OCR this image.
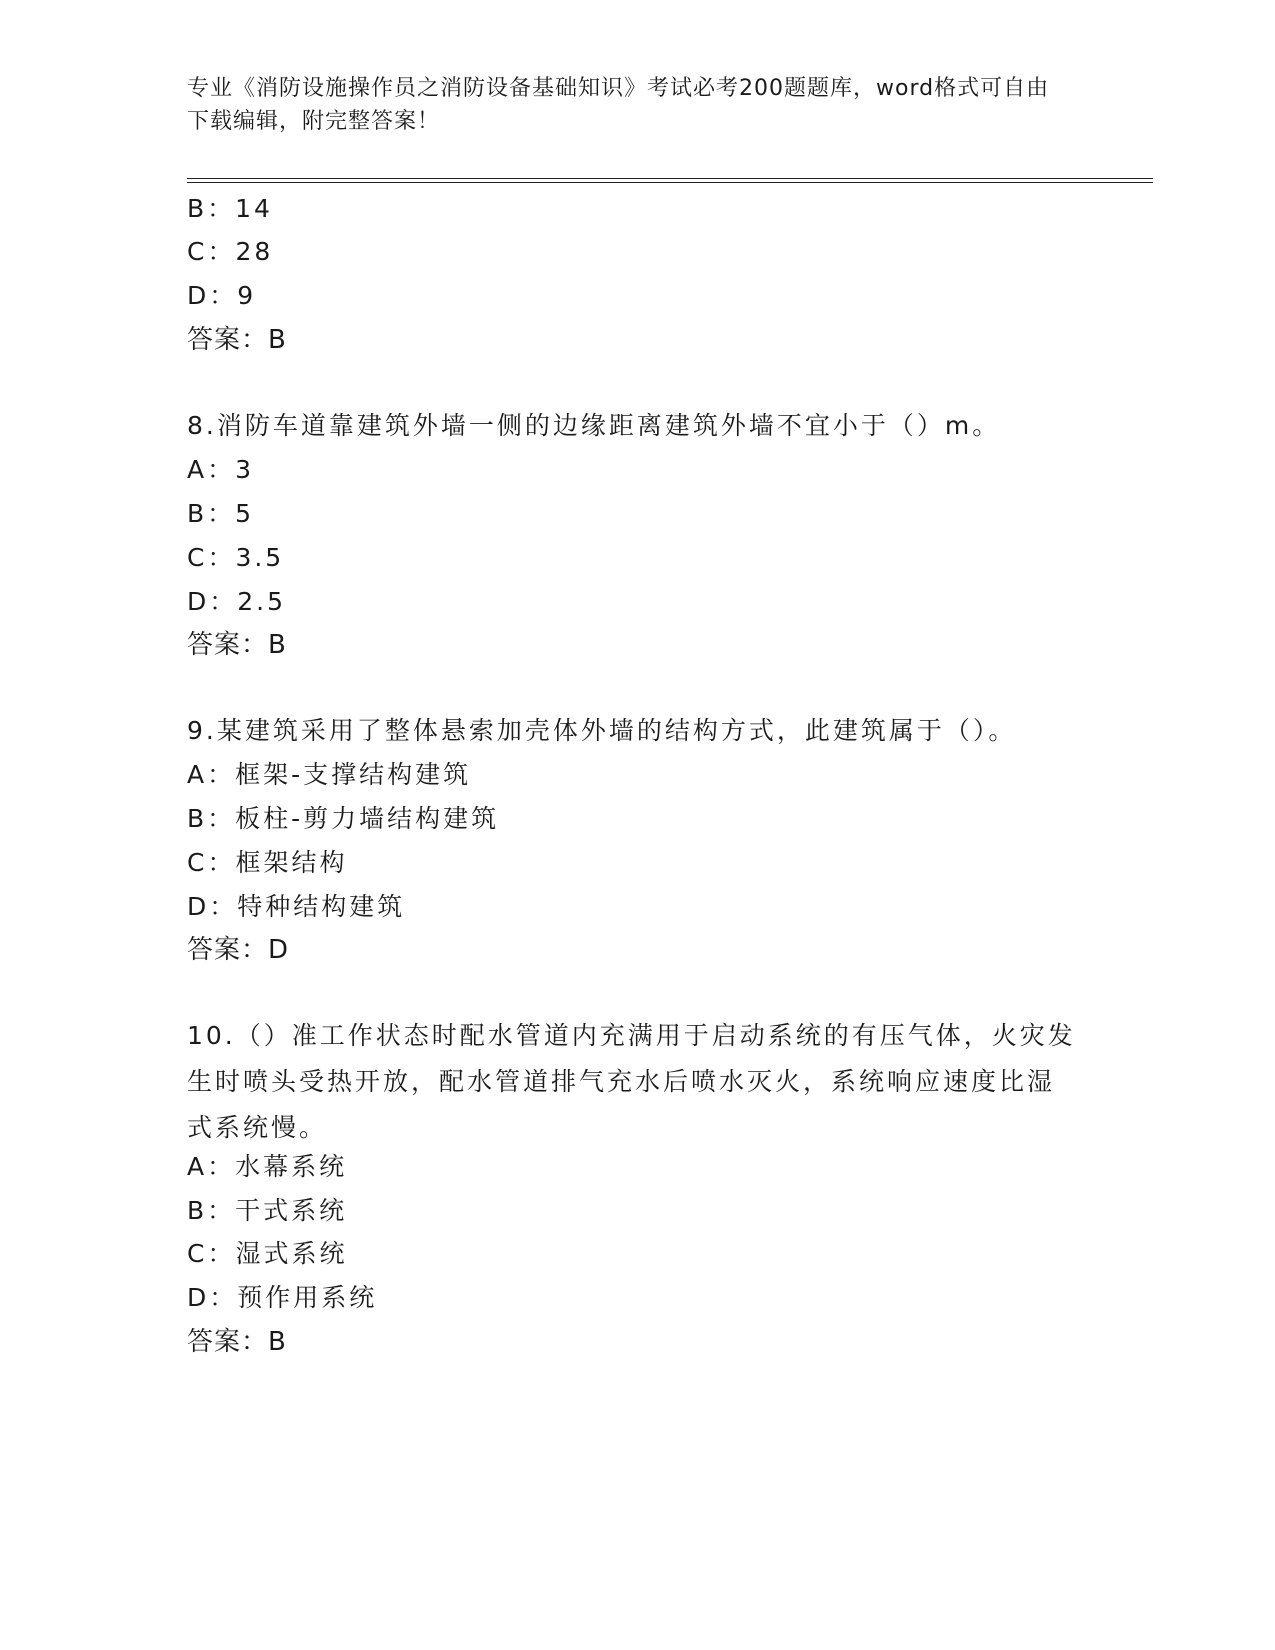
专业《消防设施操作员之消防设备基础知识》考试必考200题题库，word格式可自由下载编辑，附完整答案！
B：14
C：28
D：9
答案：B
8.消防车道靠建筑外墙一侧的边缘距离建筑外墙不宜小于（）m。
A：3
B：5
C：3.5
D：2.5
答案：B
9.某建筑采用了整体悬索加壳体外墙的结构方式，此建筑属于（）。
A：框架-支撑结构建筑
B：板柱-剪力墙结构建筑
C：框架结构
D：特种结构建筑
答案：D
10.（）准工作状态时配水管道内充满用于启动系统的有压气体，火灾发生时喷头受热开放，配水管道排气充水后喷水灭火，系统响应速度比湿式系统慢。
A：水幕系统
B：干式系统
C：湿式系统
D：预作用系统
答案：B
